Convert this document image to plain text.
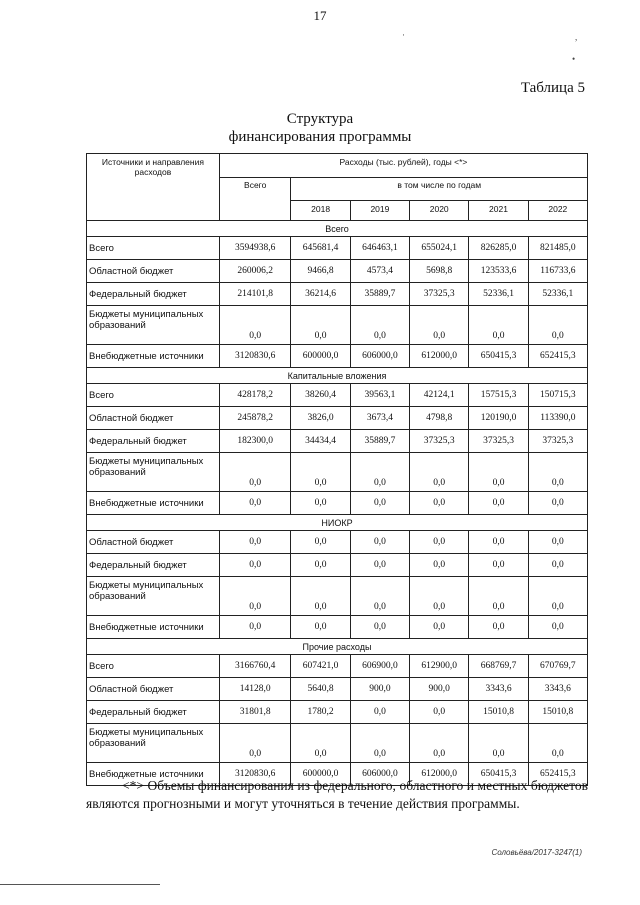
17
·	,
•
Таблица 5
Структура
финансирования программы
Источники и направления расходов	Расходы (тыс. рублей), годы <*>					
	Всего	в том числе по годам				
		2018	2019	2020	2021	2022
Всего						
Всего	3594938,6	645681,4	646463,1	655024,1	826285,0	821485,0
Областной бюджет	260006,2	9466,8	4573,4	5698,8	123533,6	116733,6
Федеральный бюджет	214101,8	36214,6	35889,7	37325,3	52336,1	52336,1
Бюджеты муниципальных образований	0,0	0,0	0,0	0,0	0,0	0,0
Внебюджетные источники	3120830,6	600000,0	606000,0	612000,0	650415,3	652415,3
Капитальные вложения						
Всего	428178,2	38260,4	39563,1	42124,1	157515,3	150715,3
Областной бюджет	245878,2	3826,0	3673,4	4798,8	120190,0	113390,0
Федеральный бюджет	182300,0	34434,4	35889,7	37325,3	37325,3	37325,3
Бюджеты муниципальных образований	0,0	0,0	0,0	0,0	0,0	0,0
Внебюджетные источники	0,0	0,0	0,0	0,0	0,0	0,0
НИОКР						
Областной бюджет	0,0	0,0	0,0	0,0	0,0	0,0
Федеральный бюджет	0,0	0,0	0,0	0,0	0,0	0,0
Бюджеты муниципальных образований	0,0	0,0	0,0	0,0	0,0	0,0
Внебюджетные источники	0,0	0,0	0,0	0,0	0,0	0,0
Прочие расходы						
Всего	3166760,4	607421,0	606900,0	612900,0	668769,7	670769,7
Областной бюджет	14128,0	5640,8	900,0	900,0	3343,6	3343,6
Федеральный бюджет	31801,8	1780,2	0,0	0,0	15010,8	15010,8
Бюджеты муниципальных образований	0,0	0,0	0,0	0,0	0,0	0,0
Внебюджетные источники	3120830,6	600000,0	606000,0	612000,0	650415,3	652415,3
<*> Объемы финансирования из федерального, областного и местных бюджетов являются прогнозными и могут уточняться в течение действия программы.
Соловьёва/2017-3247(1)
